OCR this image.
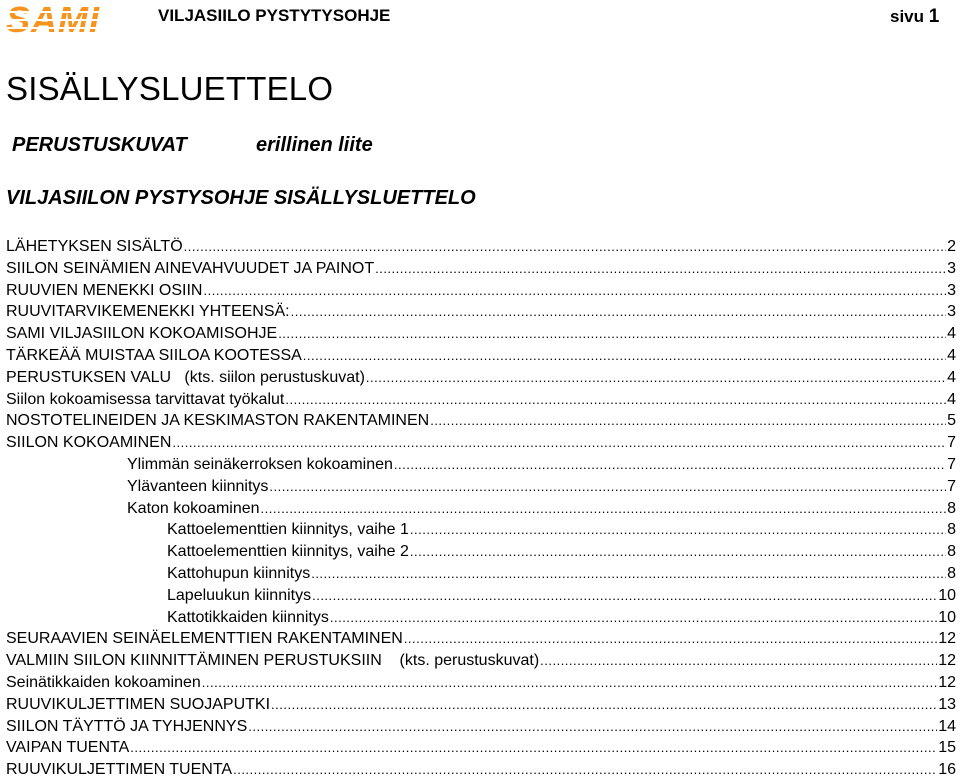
SAMI	VILJASIILO PYSTYTYSOHJE	sivu 1
SISÄLLYSLUETTELO
PERUSTUSKUVAT	erillinen liite
VILJASIILON PYSTYSOHJE SISÄLLYSLUETTELO
LÄHETYKSEN SISÄLTÖ .....	2
SIILON SEINÄMIEN AINEVAHVUUDET JA PAINOT .....	3
RUUVIEN MENEKKI OSIIN .....	3
RUUVITARVIKEMENEKKI YHTEENSÄ: .....	3
SAMI VILJASIILON KOKOAMISOHJE .....	4
TÄRKEÄÄ MUISTAA SIILOA KOOTESSA .....	4
PERUSTUKSEN VALU   (kts. siilon perustuskuvat) .....	4
Siilon kokoamisessa tarvittavat työkalut .....	4
NOSTOTELINEIDEN JA KESKIMASTON RAKENTAMINEN .....	5
SIILON KOKOAMINEN .....	7
Ylimmän seinäkerroksen kokoaminen .....	7
Ylävanteen kiinnitys .....	7
Katon kokoaminen .....	8
Kattoelementtien kiinnitys, vaihe 1 .....	8
Kattoelementtien kiinnitys, vaihe 2 .....	8
Kattohupun kiinnitys .....	8
Lapeluukun kiinnitys .....	10
Kattotikkaiden kiinnitys .....	10
SEURAAVIEN SEINÄELEMENTTIEN RAKENTAMINEN .....	12
VALMIIN SIILON KIINNITTÄMINEN PERUSTUKSIIN    (kts. perustuskuvat) .....	12
Seinätikkaiden kokoaminen .....	12
RUUVIKULJETTIMEN SUOJAPUTKI .....	13
SIILON TÄYTTÖ JA TYHJENNYS .....	14
VAIPAN TUENTA .....	15
RUUVIKULJETTIMEN TUENTA .....	16
